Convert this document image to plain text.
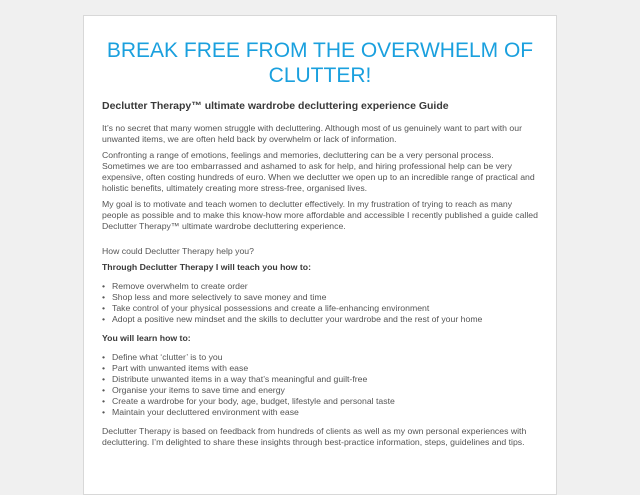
BREAK FREE FROM THE OVERWHELM OF CLUTTER!
Declutter Therapy™ ultimate wardrobe decluttering experience Guide

It’s no secret that many women struggle with decluttering. Although most of us genuinely want to part with our unwanted items, we are often held back by overwhelm or lack of information.

Confronting a range of emotions, feelings and memories, decluttering can be a very personal process. Sometimes we are too embarrassed and ashamed to ask for help, and hiring professional help can be very expensive, often costing hundreds of euro. When we declutter we open up to an incredible range of practical and holistic benefits, ultimately creating more stress-free, organised lives.

My goal is to motivate and teach women to declutter effectively. In my frustration of trying to reach as many people as possible and to make this know-how more affordable and accessible I recently published a guide called Declutter Therapy™ ultimate wardrobe decluttering experience.

How could Declutter Therapy help you?

Through Declutter Therapy I will teach you how to:
• Remove overwhelm to create order
• Shop less and more selectively to save money and time
• Take control of your physical possessions and create a life-enhancing environment
• Adopt a positive new mindset and the skills to declutter your wardrobe and the rest of your home
You will learn how to:
• Define what ‘clutter’ is to you
• Part with unwanted items with ease
• Distribute unwanted items in a way that’s meaningful and guilt-free
• Organise your items to save time and energy
• Create a wardrobe for your body, age, budget, lifestyle and personal taste
• Maintain your decluttered environment with ease

Declutter Therapy is based on feedback from hundreds of clients as well as my own personal experiences with decluttering. I’m delighted to share these insights through best-practice information, steps, guidelines and tips.
